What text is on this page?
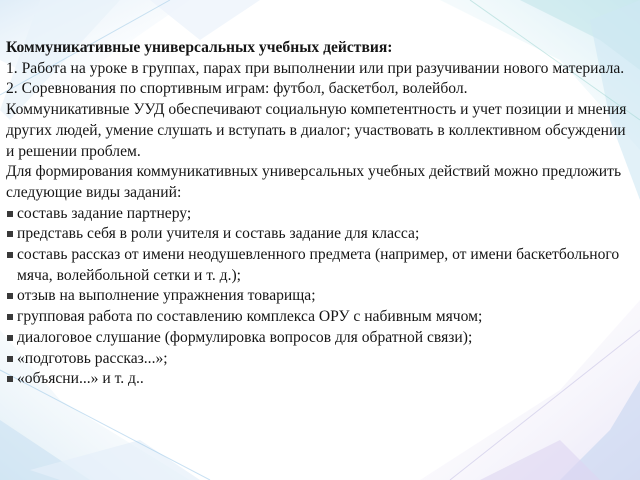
Коммуникативные универсальных учебных действия:

1. Работа на уроке в группах, парах при выполнении или при разучивании нового материала.

2. Соревнования по спортивным играм: футбол, баскетбол, волейбол.

Коммуникативные УУД обеспечивают социальную компетентность и учет позиции и мнения других людей, умение слушать и вступать в диалог; участвовать в коллективном обсуждении и решении проблем.

Для формирования коммуникативных универсальных учебных действий можно предложить следующие виды заданий:

составь задание партнеру;
представь себя в роли учителя и составь задание для класса;
составь рассказ от имени неодушевленного предмета (например, от имени баскетбольного мяча, волейбольной сетки и т. д.);
отзыв на выполнение упражнения товарища;
групповая работа по составлению комплекса ОРУ с набивным мячом;
диалоговое слушание (формулировка вопросов для обратной связи);
«подготовь рассказ...»;
«объясни...» и т. д..
